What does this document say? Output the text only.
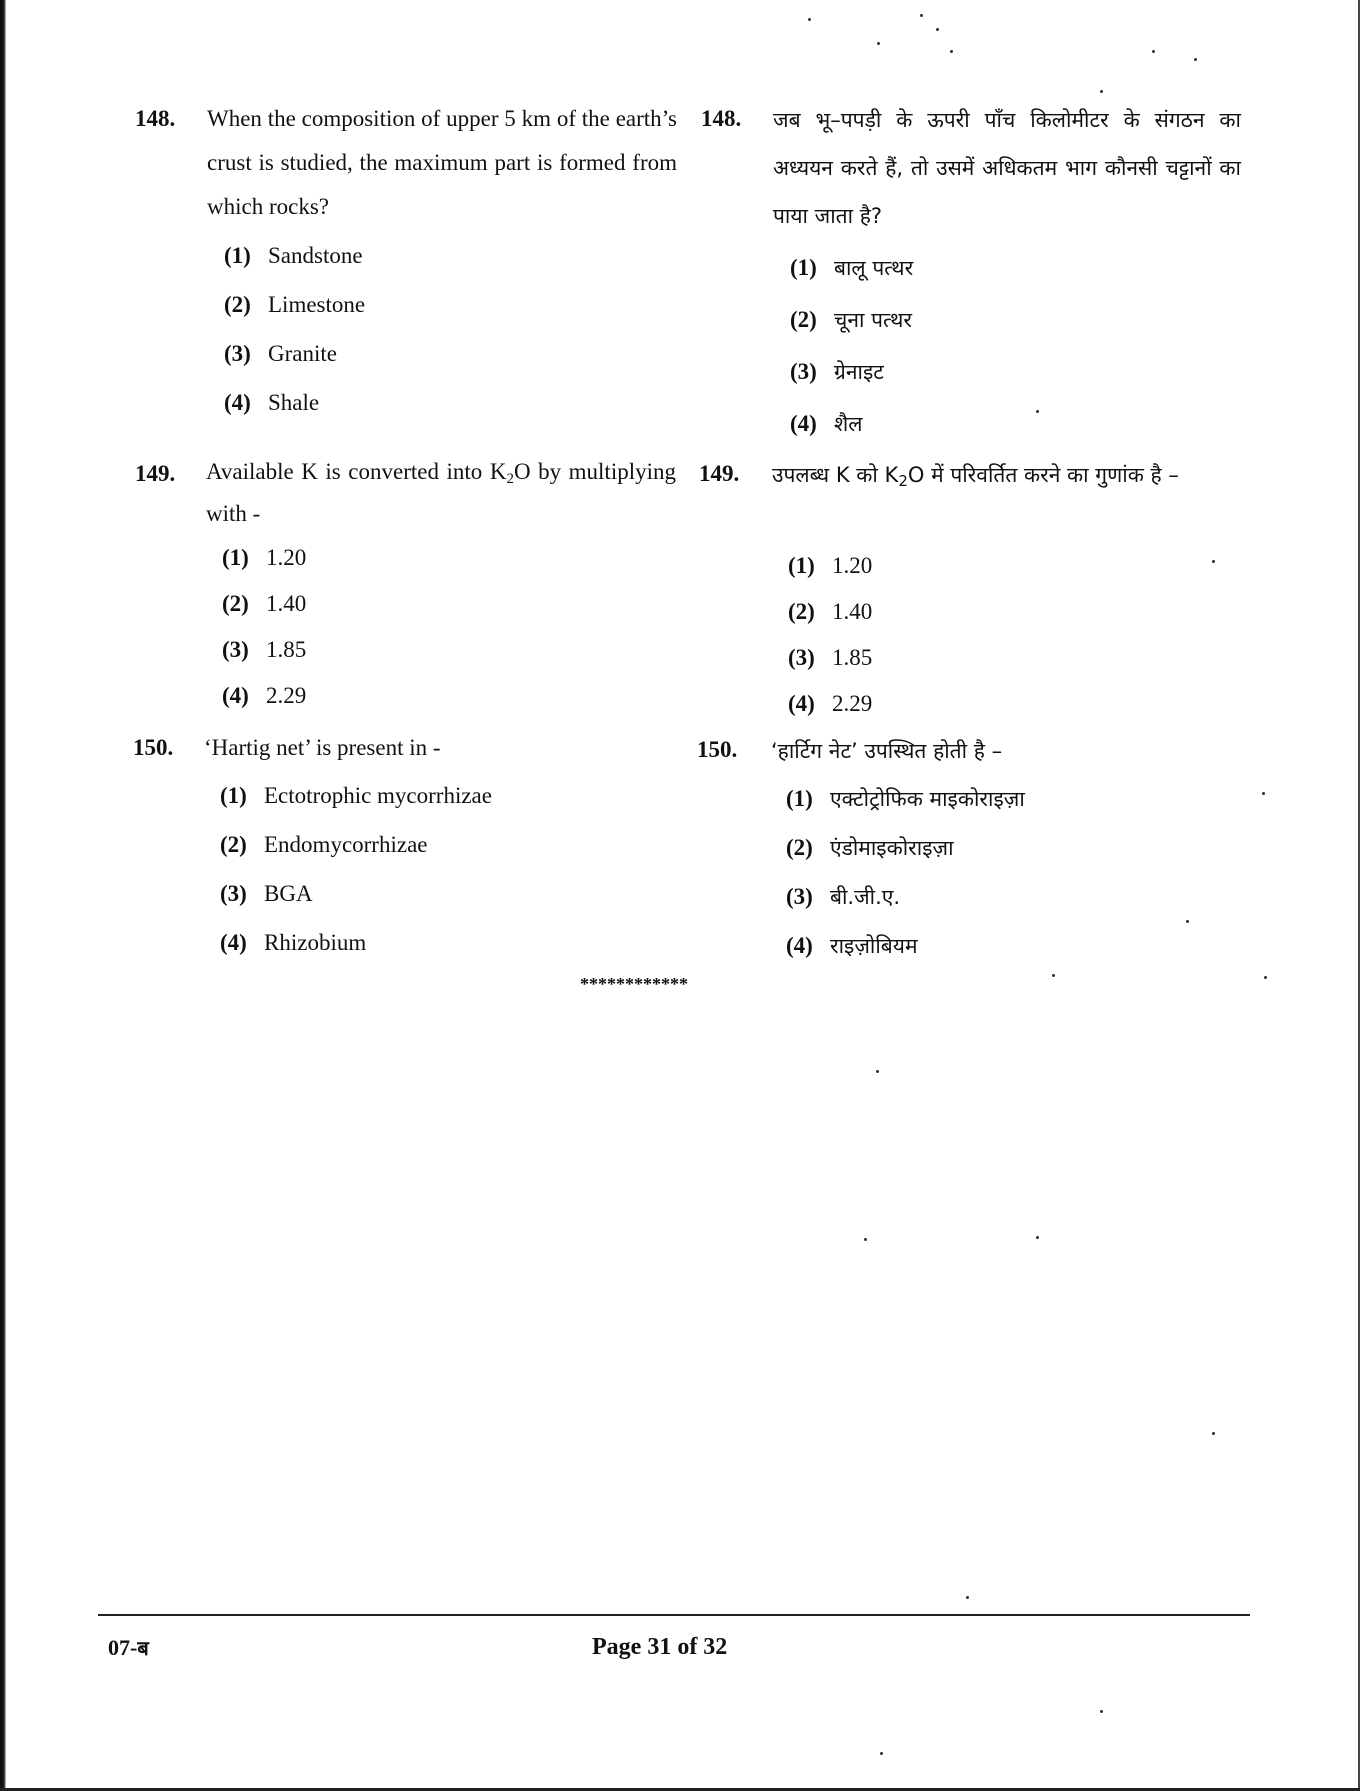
148. When the composition of upper 5 km of the earth’s crust is studied, the maximum part is formed from which rocks?
(1) Sandstone
(2) Limestone
(3) Granite
(4) Shale
148. जब भू–पपड़ी के ऊपरी पाँच किलोमीटर के संगठन का अध्ययन करते हैं, तो उसमें अधिकतम भाग कौनसी चट्टानों का पाया जाता है?
(1) बालू पत्थर
(2) चूना पत्थर
(3) ग्रेनाइट
(4) शैल
149. Available K is converted into $K_2O$ by multiplying with -
(1) 1.20
(2) 1.40
(3) 1.85
(4) 2.29
149. उपलब्ध K को $K_2O$ में परिवर्तित करने का गुणांक है –
(1) 1.20
(2) 1.40
(3) 1.85
(4) 2.29
150. ‘Hartig net’ is present in -
(1) Ectotrophic mycorrhizae
(2) Endomycorrhizae
(3) BGA
(4) Rhizobium
150. ‘हार्टिग नेट’ उपस्थित होती है –
(1) एक्टोट्रोफिक माइकोराइज़ा
(2) एंडोमाइकोराइज़ा
(3) बी.जी.ए.
(4) राइज़ोबियम
************
07-ब	Page 31 of 32
